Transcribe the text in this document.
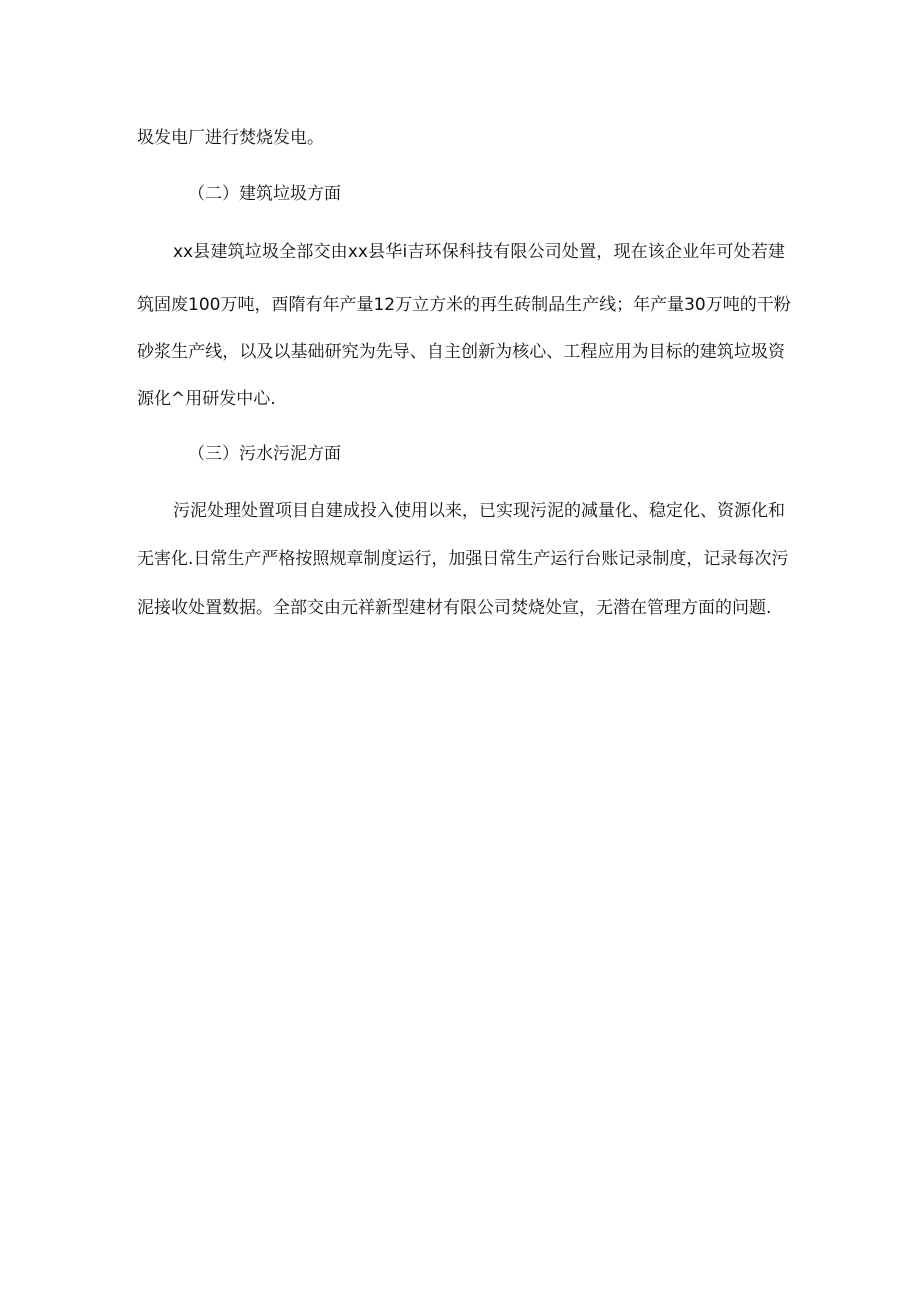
圾发电厂进行焚烧发电。
（二）建筑垃圾方面
xx县建筑垃圾全部交由xx县华i吉环保科技有限公司处置，现在该企业年可处若建
筑固废100万吨，酉隋有年产量12万立方米的再生砖制品生产线；年产量30万吨的干粉
砂浆生产线，以及以基础研究为先导、自主创新为核心、工程应用为目标的建筑垃圾资
源化^用研发中心.
（三）污水污泥方面
污泥处理处置项目自建成投入使用以来，已实现污泥的减量化、稳定化、资源化和
无害化.日常生产严格按照规章制度运行，加强日常生产运行台账记录制度，记录每次污
泥接收处置数据。全部交由元祥新型建材有限公司焚烧处宣，无潜在管理方面的问题.
